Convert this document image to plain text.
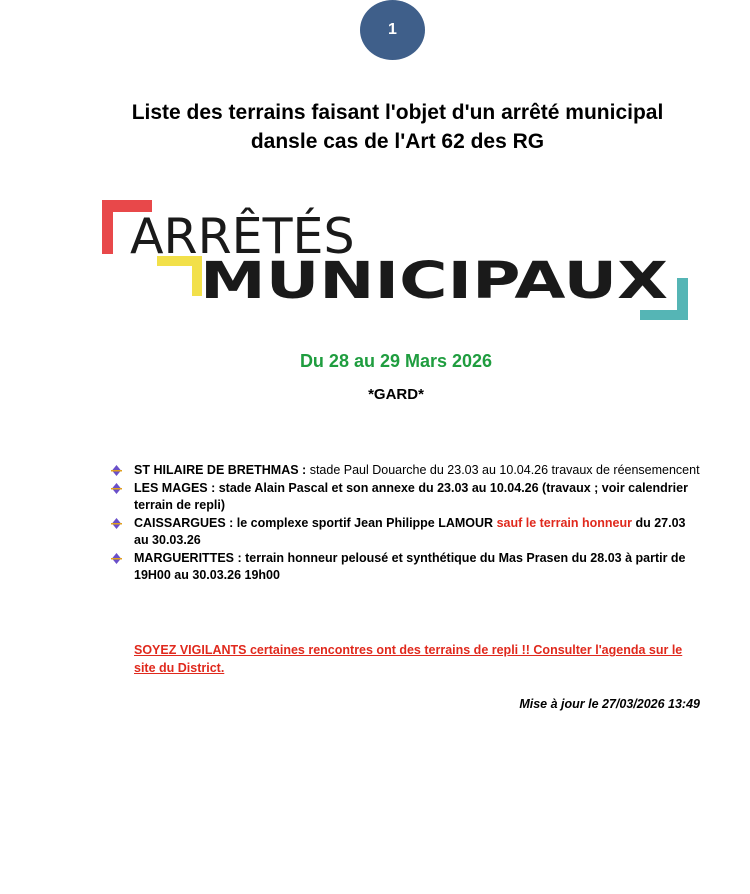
1
Liste des terrains faisant l'objet d'un arrêté municipal
dansle cas de l'Art 62 des RG
ARRÊTÉS
MUNICIPAUX
Du 28 au 29 Mars 2026
*GARD*
ST HILAIRE DE BRETHMAS : stade Paul Douarche du 23.03 au 10.04.26 travaux de réensemencent
LES MAGES : stade Alain Pascal et son annexe du 23.03 au 10.04.26 (travaux ; voir calendrier terrain de repli)
CAISSARGUES : le complexe sportif Jean Philippe LAMOUR sauf le terrain honneur du 27.03 au 30.03.26
MARGUERITTES : terrain honneur pelousé et synthétique du Mas Prasen du 28.03 à partir de 19H00 au 30.03.26 19h00
SOYEZ VIGILANTS certaines rencontres ont des terrains de repli !! Consulter l'agenda sur le site du District.
Mise à jour le 27/03/2026 13:49
